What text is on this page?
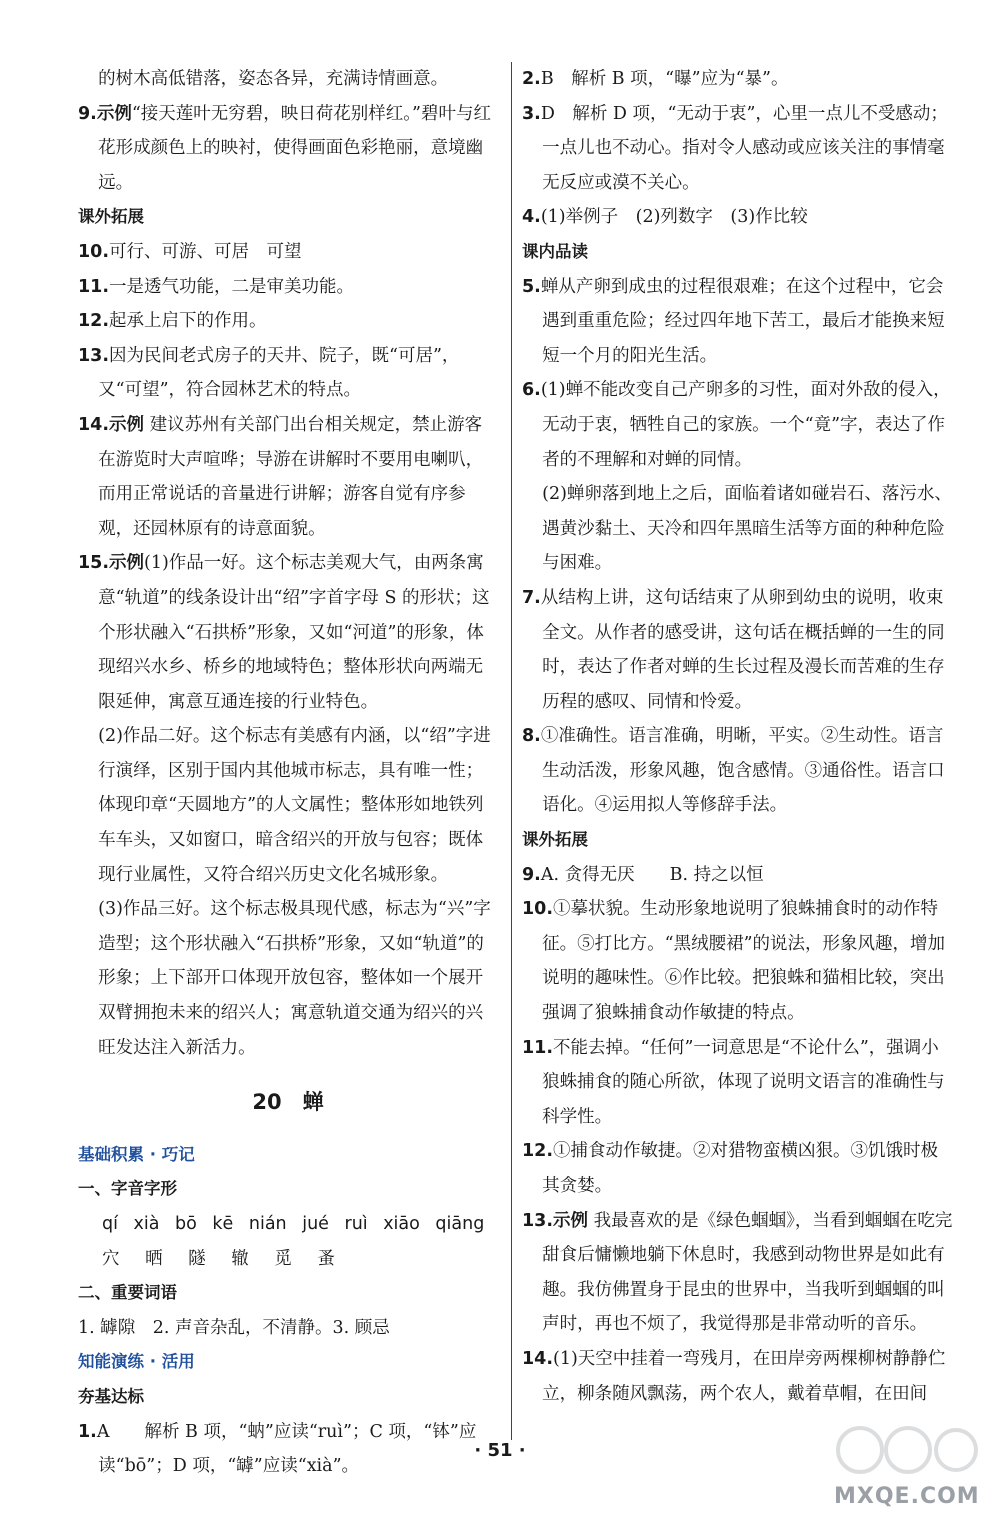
的树木高低错落，姿态各异，充满诗情画意。
9.示例“接天莲叶无穷碧，映日荷花别样红。”碧叶与红花形成颜色上的映衬，使得画面色彩艳丽，意境幽远。
课外拓展
10.可行、可游、可居　可望
11.一是透气功能，二是审美功能。
12.起承上启下的作用。
13.因为民间老式房子的天井、院子，既“可居”，又“可望”，符合园林艺术的特点。
14.示例 建议苏州有关部门出台相关规定，禁止游客在游览时大声喧哗；导游在讲解时不要用电喇叭，而用正常说话的音量进行讲解；游客自觉有序参观，还园林原有的诗意面貌。
15.示例(1)作品一好。这个标志美观大气，由两条寓意“轨道”的线条设计出“绍”字首字母 S 的形状；这个形状融入“石拱桥”形象，又如“河道”的形象，体现绍兴水乡、桥乡的地域特色；整体形状向两端无限延伸，寓意互通连接的行业特色。
(2)作品二好。这个标志有美感有内涵，以“绍”字进行演绎，区别于国内其他城市标志，具有唯一性；体现印章“天圆地方”的人文属性；整体形如地铁列车车头，又如窗口，暗含绍兴的开放与包容；既体现行业属性，又符合绍兴历史文化名城形象。
(3)作品三好。这个标志极具现代感，标志为“兴”字造型；这个形状融入“石拱桥”形象，又如“轨道”的形象；上下部开口体现开放包容，整体如一个展开双臂拥抱未来的绍兴人；寓意轨道交通为绍兴的兴旺发达注入新活力。
20　蝉
基础积累 · 巧记
一、字音字形
qí xià bō kē nián jué ruì xiāo qiāng
穴 晒 隧 辙 觅 蚤
二、重要词语
1. 罅隙　2. 声音杂乱，不清静。3. 顾忌
知能演练 · 活用
夯基达标
1.A　　解析 B 项，“蚋”应读“ruì”；C 项，“钵”应读“bō”；D 项，“罅”应读“xià”。
2.B　解析 B 项，“曝”应为“暴”。
3.D　解析 D 项，“无动于衷”，心里一点儿不受感动；一点儿也不动心。指对令人感动或应该关注的事情毫无反应或漠不关心。
4.(1)举例子　(2)列数字　(3)作比较
课内品读
5.蝉从产卵到成虫的过程很艰难；在这个过程中，它会遇到重重危险；经过四年地下苦工，最后才能换来短短一个月的阳光生活。
6.(1)蝉不能改变自己产卵多的习性，面对外敌的侵入，无动于衷，牺牲自己的家族。一个“竟”字，表达了作者的不理解和对蝉的同情。
(2)蝉卵落到地上之后，面临着诸如碰岩石、落污水、遇黄沙黏土、天冷和四年黑暗生活等方面的种种危险与困难。
7.从结构上讲，这句话结束了从卵到幼虫的说明，收束全文。从作者的感受讲，这句话在概括蝉的一生的同时，表达了作者对蝉的生长过程及漫长而苦难的生存历程的感叹、同情和怜爱。
8.①准确性。语言准确，明晰，平实。②生动性。语言生动活泼，形象风趣，饱含感情。③通俗性。语言口语化。④运用拟人等修辞手法。
课外拓展
9.A. 贪得无厌　　B. 持之以恒
10.①摹状貌。生动形象地说明了狼蛛捕食时的动作特征。⑤打比方。“黑绒腰裙”的说法，形象风趣，增加说明的趣味性。⑥作比较。把狼蛛和猫相比较，突出强调了狼蛛捕食动作敏捷的特点。
11.不能去掉。“任何”一词意思是“不论什么”，强调小狼蛛捕食的随心所欲，体现了说明文语言的准确性与科学性。
12.①捕食动作敏捷。②对猎物蛮横凶狠。③饥饿时极其贪婪。
13.示例 我最喜欢的是《绿色蝈蝈》，当看到蝈蝈在吃完甜食后慵懒地躺下休息时，我感到动物世界是如此有趣。我仿佛置身于昆虫的世界中，当我听到蝈蝈的叫声时，再也不烦了，我觉得那是非常动听的音乐。
14.(1)天空中挂着一弯残月，在田岸旁两棵柳树静静伫立，柳条随风飘荡，两个农人，戴着草帽，在田间
· 51 ·
MXQE.COM
